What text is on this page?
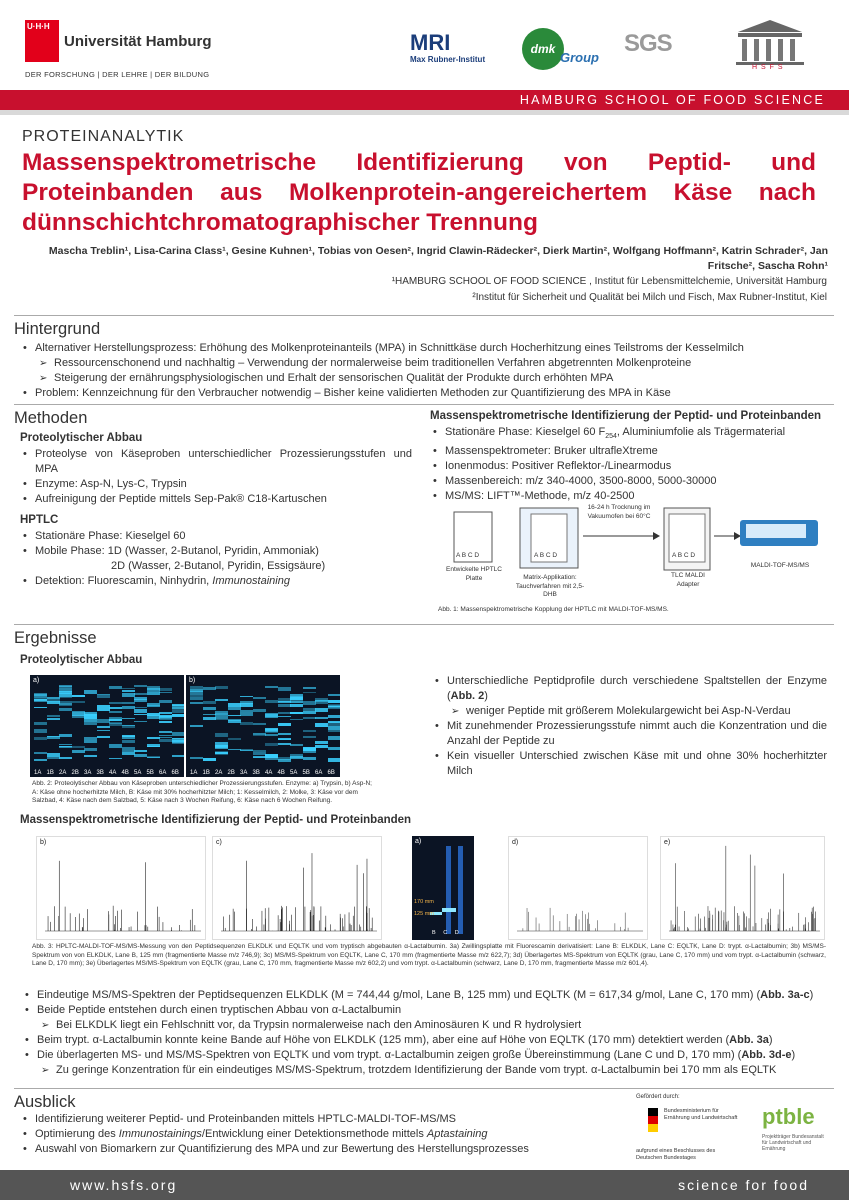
U·H·H
Universität Hamburg
DER FORSCHUNG | DER LEHRE | DER BILDUNG
MRI
Max Rubner-Institut
dmk
Group
SGS
H S F S
HAMBURG SCHOOL OF FOOD SCIENCE
PROTEINANALYTIK
Massenspektrometrische Identifizierung von Peptid- und Proteinbanden aus Molkenprotein-angereichertem Käse nach dünnschichtchromatographischer Trennung
Mascha Treblin¹, Lisa-Carina Class¹, Gesine Kuhnen¹, Tobias von Oesen², Ingrid Clawin-Rädecker², Dierk Martin², Wolfgang Hoffmann², Katrin Schrader², Jan Fritsche², Sascha Rohn¹
¹HAMBURG SCHOOL OF FOOD SCIENCE , Institut für Lebensmittelchemie, Universität Hamburg
²Institut für Sicherheit und Qualität bei Milch und Fisch, Max Rubner-Institut, Kiel
Hintergrund
• Alternativer Herstellungsprozess: Erhöhung des Molkenproteinanteils (MPA) in Schnittkäse durch Hocherhitzung eines Teilstroms der Kesselmilch
➢ Ressourcenschonend und nachhaltig – Verwendung der normalerweise beim traditionellen Verfahren abgetrennten Molkenproteine
➢ Steigerung der ernährungsphysiologischen und Erhalt der sensorischen Qualität der Produkte durch erhöhten MPA
• Problem: Kennzeichnung für den Verbraucher notwendig – Bisher keine validierten Methoden zur Quantifizierung des MPA in Käse
Methoden
Proteolytischer Abbau
• Proteolyse von Käseproben unterschiedlicher Prozessierungsstufen und MPA
• Enzyme: Asp-N, Lys-C, Trypsin
• Aufreinigung der Peptide mittels Sep-Pak® C18-Kartuschen
HPTLC
• Stationäre Phase: Kieselgel 60
• Mobile Phase: 1D (Wasser, 2-Butanol, Pyridin, Ammoniak)
2D (Wasser, 2-Butanol, Pyridin, Essigsäure)
• Detektion: Fluorescamin, Ninhydrin, Immunostaining
Massenspektrometrische Identifizierung der Peptid- und Proteinbanden
• Stationäre Phase: Kieselgel 60 $F_{254}$, Aluminiumfolie als Trägermaterial
• Massenspektrometer: Bruker ultrafleXtreme
• Ionenmodus: Positiver Reflektor-/Linearmodus
• Massenbereich: m/z 340-4000, 3500-8000, 5000-30000
• MS/MS: LIFT™-Methode, m/z 40-2500
A B C D	A B C D	A B C D
Entwickelte HPTLC Platte	Matrix-Applikation: Tauchverfahren mit 2,5-DHB
16-24 h Trocknung im Vakuumofen bei 60°C
TLC MALDI Adapter
MALDI-TOF-MS/MS
Abb. 1: Massenspektrometrische Kopplung der HPTLC mit MALDI-TOF-MS/MS.
Ergebnisse
Proteolytischer Abbau
a)
1A 1B 2A 2B 3A 3B 4A 4B 5A 5B 6A 6B
b)
1A 1B 2A 2B 3A 3B 4A 4B 5A 5B 6A 6B
Abb. 2: Proteolytischer Abbau von Käseproben unterschiedlicher Prozessierungsstufen. Enzyme: a) Trypsin, b) Asp-N; A: Käse ohne hocherhitzte Milch, B: Käse mit 30% hocherhitzter Milch; 1: Kesselmilch, 2: Molke, 3: Käse vor dem Salzbad, 4: Käse nach dem Salzbad, 5: Käse nach 3 Wochen Reifung, 6: Käse nach 6 Wochen Reifung.
• Unterschiedliche Peptidprofile durch verschiedene Spaltstellen der Enzyme (Abb. 2)
➢ weniger Peptide mit größerem Molekulargewicht bei Asp-N-Verdau
• Mit zunehmender Prozessierungsstufe nimmt auch die Konzentration und die Anzahl der Peptide zu
• Kein visueller Unterschied zwischen Käse mit und ohne 30% hocherhitzter Milch
Massenspektrometrische Identifizierung der Peptid- und Proteinbanden
b)	c)	a)
170 mm
125 mm
B C D
d)	e)
Abb. 3: HPLTC-MALDI-TOF-MS/MS-Messung von den Peptidsequenzen ELKDLK und EQLTK und vom tryptisch abgebauten α-Lactalbumin. 3a) Zwillingsplatte mit Fluorescamin derivatisiert: Lane B: ELKDLK, Lane C: EQLTK, Lane D: trypt. α-Lactalbumin; 3b) MS/MS-Spektrum von von ELKDLK, Lane B, 125 mm (fragmentierte Masse m/z 746,9); 3c) MS/MS-Spektrum von EQLTK, Lane C, 170 mm (fragmentierte Masse m/z 622,7); 3d) Überlagertes MS-Spektrum von EQLTK (grau, Lane C, 170 mm) und vom trypt. α-Lactalbumin (schwarz, Lane D, 170 mm); 3e) Überlagertes MS/MS-Spektrum von EQLTK (grau, Lane C, 170 mm, fragmentierte Masse m/z 602,2) und vom trypt. α-Lactalbumin (schwarz, Lane D, 170 mm, fragmentierte Masse m/z 601,4).
• Eindeutige MS/MS-Spektren der Peptidsequenzen ELKDLK (M = 744,44 g/mol, Lane B, 125 mm) und EQLTK (M = 617,34 g/mol, Lane C, 170 mm) (Abb. 3a-c)
• Beide Peptide entstehen durch einen tryptischen Abbau von α-Lactalbumin
➢ Bei ELKDLK liegt ein Fehlschnitt vor, da Trypsin normalerweise nach den Aminosäuren K und R hydrolysiert
• Beim trypt. α-Lactalbumin konnte keine Bande auf Höhe von ELKDLK (125 mm), aber eine auf Höhe von EQLTK (170 mm) detektiert werden (Abb. 3a)
• Die überlagerten MS- und MS/MS-Spektren von EQLTK und vom trypt. α-Lactalbumin zeigen große Übereinstimmung (Lane C und D, 170 mm) (Abb. 3d-e)
➢ Zu geringe Konzentration für ein eindeutiges MS/MS-Spektrum, trotzdem Identifizierung der Bande vom trypt. α-Lactalbumin bei 170 mm als EQLTK
Ausblick
• Identifizierung weiterer Peptid- und Proteinbanden mittels HPTLC-MALDI-TOF-MS/MS
• Optimierung des Immunostainings/Entwicklung einer Detektionsmethode mittels Aptastaining
• Auswahl von Biomarkern zur Quantifizierung des MPA und zur Bewertung des Herstellungsprozesses
Gefördert durch:
Bundesministerium für Ernährung und Landwirtschaft
aufgrund eines Beschlusses des Deutschen Bundestages
ptble
Projektträger Bundesanstalt für Landwirtschaft und Ernährung
www.hsfs.org	science for food
